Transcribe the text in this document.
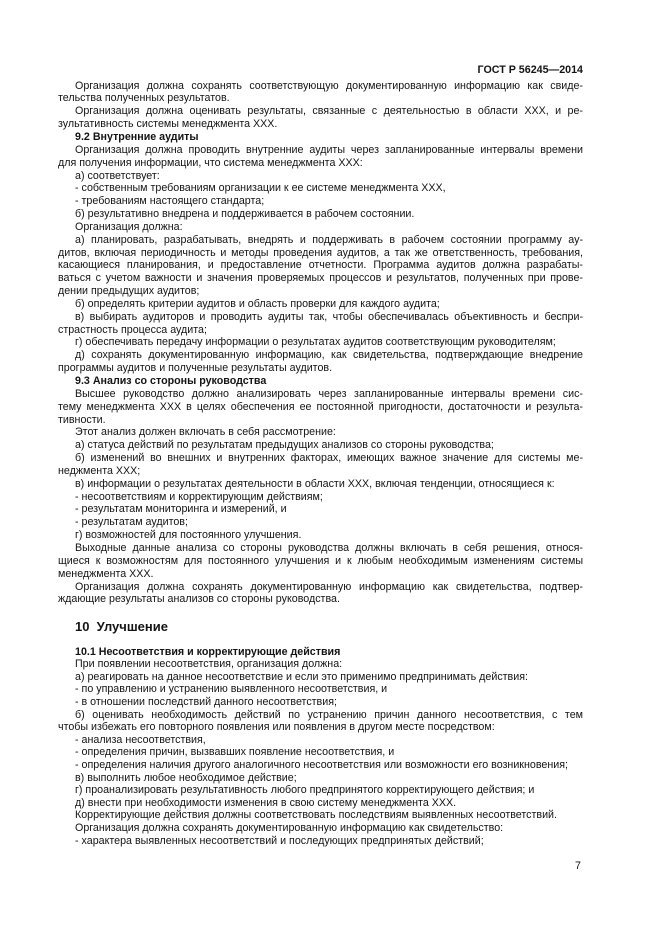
ГОСТ Р 56245—2014
Организация должна сохранять соответствующую документированную информацию как свиде-
тельства полученных результатов.
Организация должна оценивать результаты, связанные с деятельностью в области XXX, и ре-
зультативность системы менеджмента XXX.
9.2 Внутренние аудиты
Организация должна проводить внутренние аудиты через запланированные интервалы времени
для получения информации, что система менеджмента XXX:
а) соответствует:
- собственным требованиям организации к ее системе менеджмента XXX,
- требованиям настоящего стандарта;
б) результативно внедрена и поддерживается в рабочем состоянии.
Организация должна:
а) планировать, разрабатывать, внедрять и поддерживать в рабочем состоянии программу ау-
дитов, включая периодичность и методы проведения аудитов, а так же ответственность, требования,
касающиеся планирования, и предоставление отчетности. Программа аудитов должна разрабаты-
ваться с учетом важности и значения проверяемых процессов и результатов, полученных при прове-
дении предыдущих аудитов;
б) определять критерии аудитов и область проверки для каждого аудита;
в) выбирать аудиторов и проводить аудиты так, чтобы обеспечивалась объективность и беспри-
страстность процесса аудита;
г) обеспечивать передачу информации о результатах аудитов соответствующим руководителям;
д) сохранять документированную информацию, как свидетельства, подтверждающие внедрение
программы аудитов и полученные результаты аудитов.
9.3 Анализ со стороны руководства
Высшее руководство должно анализировать через запланированные интервалы времени сис-
тему менеджмента XXX в целях обеспечения ее постоянной пригодности, достаточности и результа-
тивности.
Этот анализ должен включать в себя рассмотрение:
а) статуса действий по результатам предыдущих анализов со стороны руководства;
б) изменений во внешних и внутренних факторах, имеющих важное значение для системы ме-
неджмента XXX;
в) информации о результатах деятельности в области XXX, включая тенденции, относящиеся к:
- несоответствиям и корректирующим действиям;
- результатам мониторинга и измерений, и
- результатам аудитов;
г) возможностей для постоянного улучшения.
Выходные данные анализа со стороны руководства должны включать в себя решения, относя-
щиеся к возможностям для постоянного улучшения и к любым необходимым изменениям системы
менеджмента XXX.
Организация должна сохранять документированную информацию как свидетельства, подтвер-
ждающие результаты анализов со стороны руководства.
10  Улучшение
10.1 Несоответствия и корректирующие действия
При появлении несоответствия, организация должна:
а) реагировать на данное несоответствие и если это применимо предпринимать действия:
- по управлению и устранению выявленного несоответствия, и
- в отношении последствий данного несоответствия;
б) оценивать необходимость действий по устранению причин данного несоответствия, с тем
чтобы избежать его повторного появления или появления в другом месте посредством:
- анализа несоответствия,
- определения причин, вызвавших появление несоответствия, и
- определения наличия другого аналогичного несоответствия или возможности его возникновения;
в) выполнить любое необходимое действие;
г) проанализировать результативность любого предпринятого корректирующего действия; и
д) внести при необходимости изменения в свою систему менеджмента XXX.
Корректирующие действия должны соответствовать последствиям выявленных несоответствий.
Организация должна сохранять документированную информацию как свидетельство:
- характера выявленных несоответствий и последующих предпринятых действий;
7
